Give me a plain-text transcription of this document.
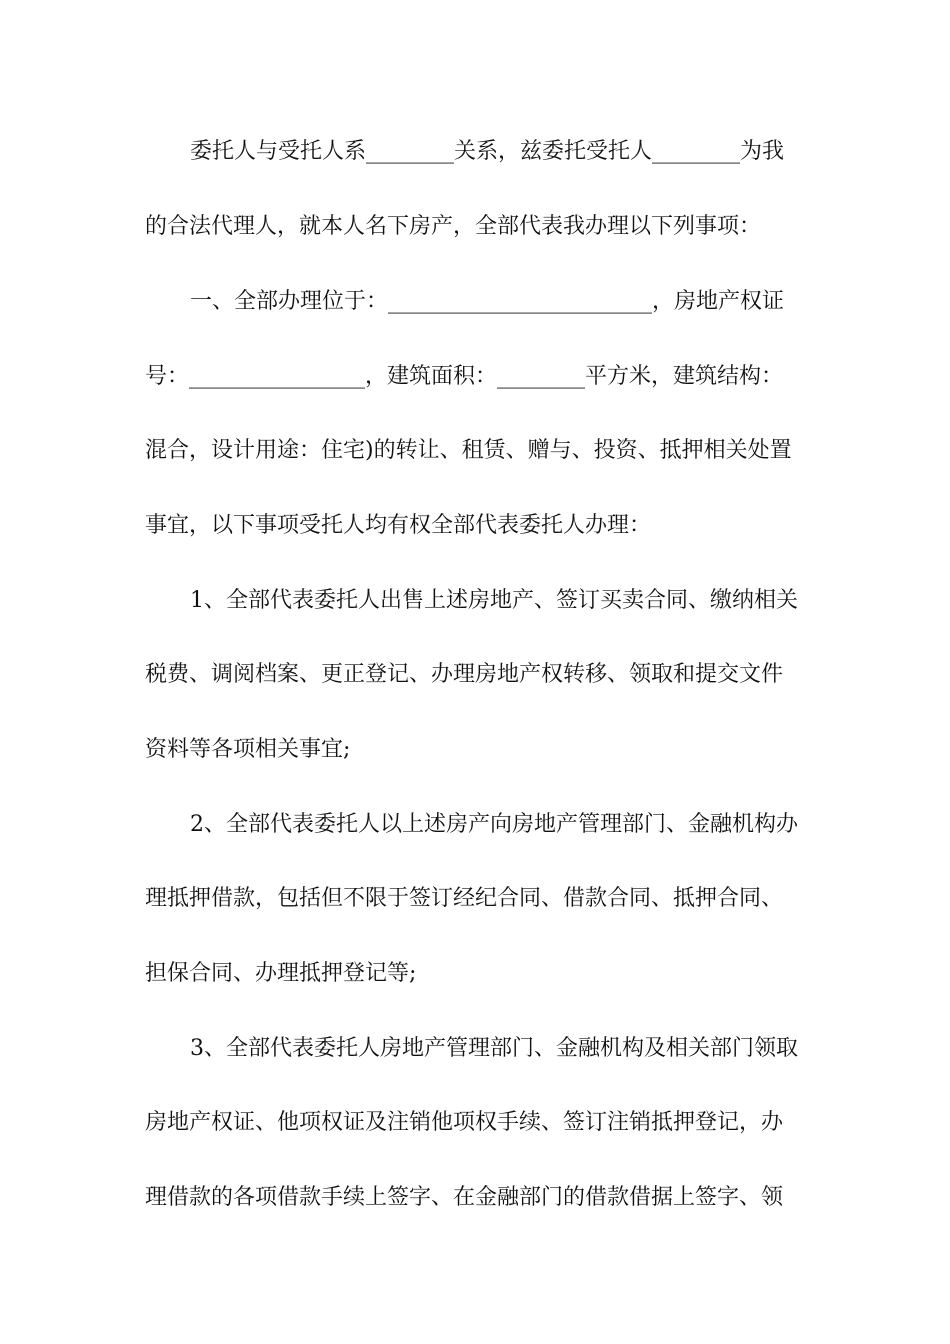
委托人与受托人系________关系，兹委托受托人________为我
的合法代理人，就本人名下房产，全部代表我办理以下列事项：
一、全部办理位于：________________________，房地产权证
号：________________，建筑面积：________平方米，建筑结构：
混合，设计用途：住宅)的转让、租赁、赠与、投资、抵押相关处置
事宜，以下事项受托人均有权全部代表委托人办理：
1、全部代表委托人出售上述房地产、签订买卖合同、缴纳相关
税费、调阅档案、更正登记、办理房地产权转移、领取和提交文件
资料等各项相关事宜;
2、全部代表委托人以上述房产向房地产管理部门、金融机构办
理抵押借款，包括但不限于签订经纪合同、借款合同、抵押合同、
担保合同、办理抵押登记等;
3、全部代表委托人房地产管理部门、金融机构及相关部门领取
房地产权证、他项权证及注销他项权手续、签订注销抵押登记，办
理借款的各项借款手续上签字、在金融部门的借款借据上签字、领
